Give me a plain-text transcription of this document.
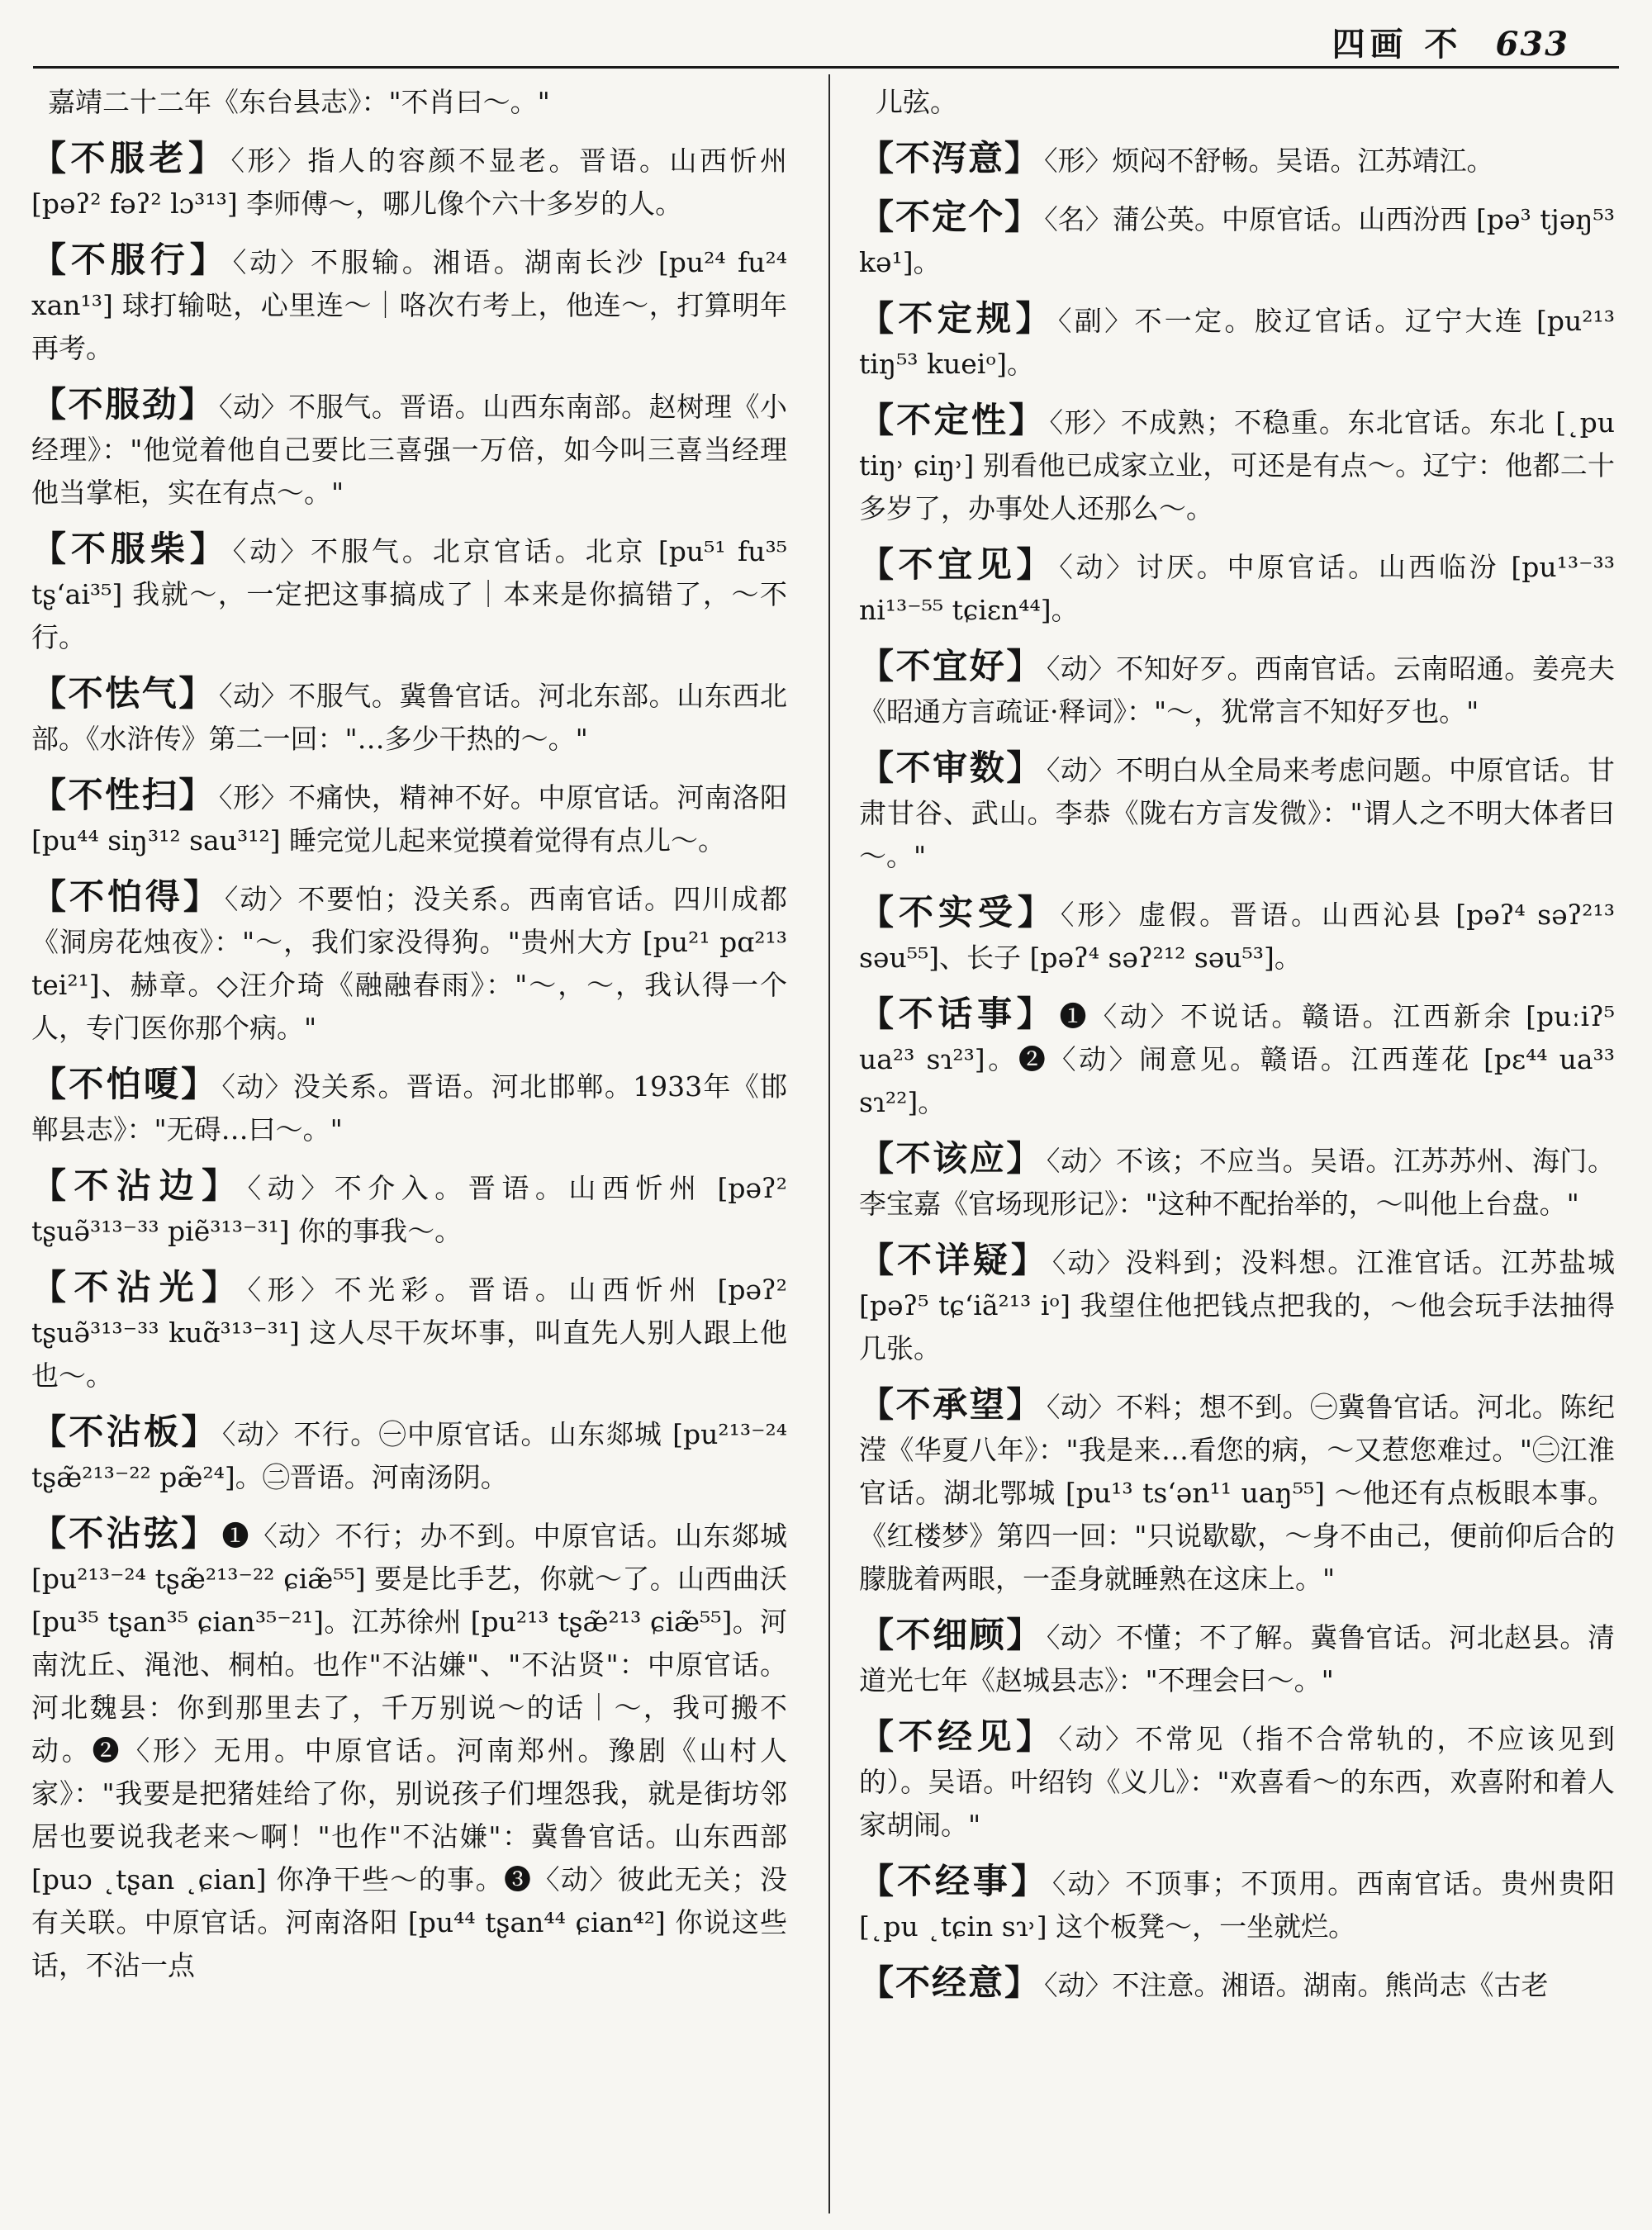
四画 不 633
嘉靖二十二年《东台县志》："不肖曰～。"
【不服老】 〈形〉指人的容颜不显老。晋语。山西忻州 [pəʔ² fəʔ² lɔ³¹³] 李师傅～，哪儿像个六十多岁的人。
【不服行】 〈动〉不服输。湘语。湖南长沙 [pu²⁴ fu²⁴ xan¹³] 球打输哒，心里连～｜咯次冇考上，他连～，打算明年再考。
【不服劲】 〈动〉不服气。晋语。山西东南部。赵树理《小经理》："他觉着他自己要比三喜强一万倍，如今叫三喜当经理他当掌柜，实在有点～。"
【不服柴】 〈动〉不服气。北京官话。北京 [pu⁵¹ fu³⁵ tʂʻai³⁵] 我就～，一定把这事搞成了｜本来是你搞错了，～不行。
【不怯气】 〈动〉不服气。冀鲁官话。河北东部。山东西北部。《水浒传》第二一回："…多少干热的～。"
【不性扫】 〈形〉不痛快，精神不好。中原官话。河南洛阳 [pu⁴⁴ siŋ³¹² sau³¹²] 睡完觉儿起来觉摸着觉得有点儿～。
【不怕得】 〈动〉不要怕；没关系。西南官话。四川成都《洞房花烛夜》："～，我们家没得狗。"贵州大方 [pu²¹ pɑ²¹³ tei²¹]、赫章。◇汪介琦《融融春雨》："～，～，我认得一个人，专门医你那个病。"
【不怕嗄】 〈动〉没关系。晋语。河北邯郸。1933年《邯郸县志》："无碍…曰～。"
【不沾边】 〈动〉不介入。晋语。山西忻州 [pəʔ² tʂuə̃³¹³⁻³³ piẽ³¹³⁻³¹] 你的事我～。
【不沾光】 〈形〉不光彩。晋语。山西忻州 [pəʔ² tʂuə̃³¹³⁻³³ kuɑ̃³¹³⁻³¹] 这人尽干灰坏事，叫直先人别人跟上他也～。
【不沾板】 〈动〉不行。㊀中原官话。山东郯城 [pu²¹³⁻²⁴ tʂæ̃²¹³⁻²² pæ̃²⁴]。㊁晋语。河南汤阴。
【不沾弦】 ❶〈动〉不行；办不到。中原官话。山东郯城 [pu²¹³⁻²⁴ tʂæ̃²¹³⁻²² ɕiæ̃⁵⁵] 要是比手艺，你就～了。山西曲沃 [pu³⁵ tʂan³⁵ ɕian³⁵⁻²¹]。江苏徐州 [pu²¹³ tʂæ̃²¹³ ɕiæ̃⁵⁵]。河南沈丘、渑池、桐柏。也作"不沾嫌"、"不沾贤"：中原官话。河北魏县：你到那里去了，千万别说～的话｜～，我可搬不动。❷〈形〉无用。中原官话。河南郑州。豫剧《山村人家》："我要是把猪娃给了你，别说孩子们埋怨我，就是街坊邻居也要说我老来～啊！"也作"不沾嫌"：冀鲁官话。山东西部 [puɔ ˛tʂan ˛ɕian] 你净干些～的事。❸〈动〉彼此无关；没有关联。中原官话。河南洛阳 [pu⁴⁴ tʂan⁴⁴ ɕian⁴²] 你说这些话，不沾一点
儿弦。
【不泻意】 〈形〉烦闷不舒畅。吴语。江苏靖江。
【不定个】 〈名〉蒲公英。中原官话。山西汾西 [pə³ tjəŋ⁵³ kə¹]。
【不定规】 〈副〉不一定。胶辽官话。辽宁大连 [pu²¹³ tiŋ⁵³ kueiᵒ]。
【不定性】 〈形〉不成熟；不稳重。东北官话。东北 [˛pu tiŋ˒ ɕiŋ˒] 别看他已成家立业，可还是有点～。辽宁：他都二十多岁了，办事处人还那么～。
【不宜见】 〈动〉讨厌。中原官话。山西临汾 [pu¹³⁻³³ ni¹³⁻⁵⁵ tɕiɛn⁴⁴]。
【不宜好】 〈动〉不知好歹。西南官话。云南昭通。姜亮夫《昭通方言疏证·释词》："～，犹常言不知好歹也。"
【不审数】 〈动〉不明白从全局来考虑问题。中原官话。甘肃甘谷、武山。李恭《陇右方言发微》："谓人之不明大体者曰～。"
【不实受】 〈形〉虚假。晋语。山西沁县 [pəʔ⁴ səʔ²¹³ səu⁵⁵]、长子 [pəʔ⁴ səʔ²¹² səu⁵³]。
【不话事】 ❶〈动〉不说话。赣语。江西新余 [puːiʔ⁵ ua²³ sɿ²³]。❷〈动〉闹意见。赣语。江西莲花 [pɛ⁴⁴ ua³³ sɿ²²]。
【不该应】 〈动〉不该；不应当。吴语。江苏苏州、海门。李宝嘉《官场现形记》："这种不配抬举的，～叫他上台盘。"
【不详疑】 〈动〉没料到；没料想。江淮官话。江苏盐城 [pəʔ⁵ tɕʻiã²¹³ iᵒ] 我望住他把钱点把我的，～他会玩手法抽得几张。
【不承望】 〈动〉不料；想不到。㊀冀鲁官话。河北。陈纪滢《华夏八年》："我是来…看您的病，～又惹您难过。"㊁江淮官话。湖北鄂城 [pu¹³ tsʻən¹¹ uaŋ⁵⁵] ～他还有点板眼本事。《红楼梦》第四一回："只说歇歇，～身不由己，便前仰后合的朦胧着两眼，一歪身就睡熟在这床上。"
【不细顾】 〈动〉不懂；不了解。冀鲁官话。河北赵县。清道光七年《赵城县志》："不理会曰～。"
【不经见】 〈动〉不常见（指不合常轨的，不应该见到的）。吴语。叶绍钧《义儿》："欢喜看～的东西，欢喜附和着人家胡闹。"
【不经事】 〈动〉不顶事；不顶用。西南官话。贵州贵阳 [˛pu ˛tɕin sɿ˒] 这个板凳～，一坐就烂。
【不经意】 〈动〉不注意。湘语。湖南。熊尚志《古老
